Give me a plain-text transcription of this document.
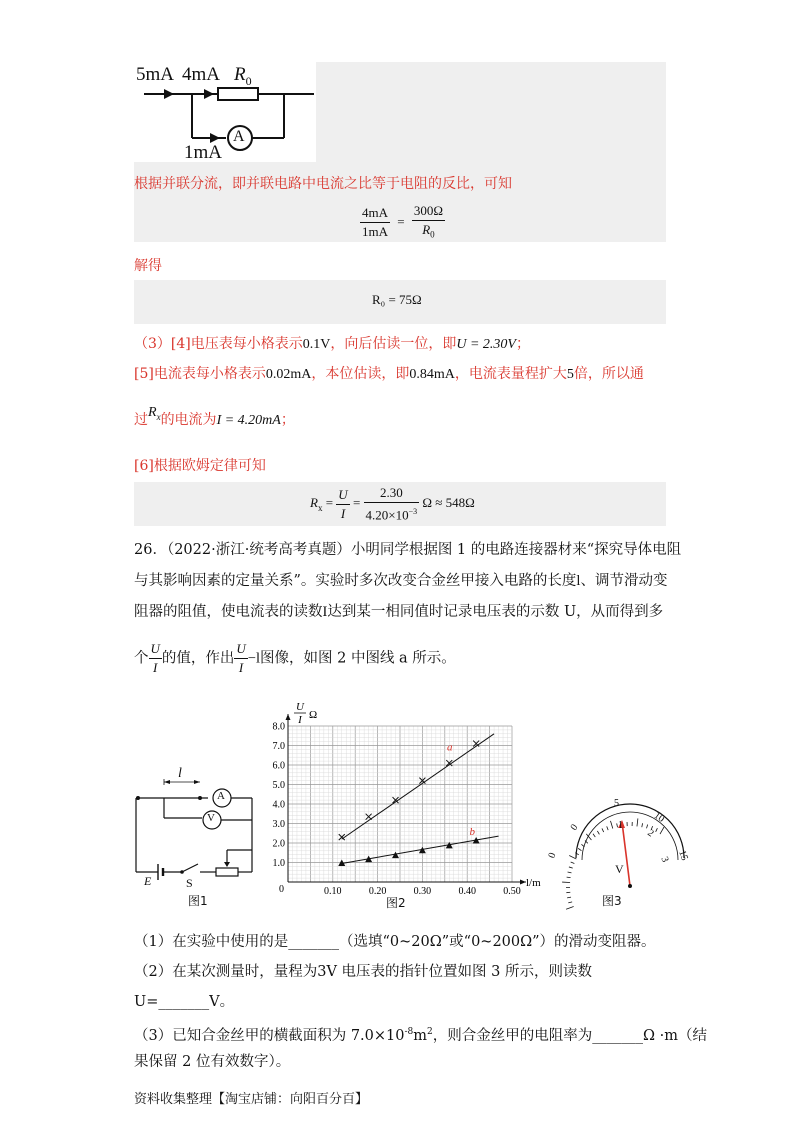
5mA 4mA $R_0$
1mA
A
根据并联分流，即并联电路中电流之比等于电阻的反比，可知
$\frac{4mA}{1mA} = \frac{300\Omega}{R_0}$
解得
R₀ = 75Ω
（3）[4]电压表每小格表示0.1V，向后估读一位，即U = 2.30V；
[5]电流表每小格表示0.02mA，本位估读，即0.84mA，电流表量程扩大5倍，所以通
过$R_x$的电流为I = 4.20mA；
[6]根据欧姆定律可知
$R_x = \frac{U}{I} = \frac{2.30}{4.20\times 10^{-3}}$ Ω ≈ 548Ω
26．（2022·浙江·统考高考真题）小明同学根据图 1 的电路连接器材来“探究导体电阻
与其影响因素的定量关系”。实验时多次改变合金丝甲接入电路的长度l、调节滑动变
阻器的阻值，使电流表的读数I达到某一相同值时记录电压表的示数 U，从而得到多
个 $\frac{U}{I}$ 的值，作出 $\frac{U}{I} -l$图像，如图 2 中图线 a 所示。
l
A
V
E	S
图1
0.10	0.20	0.30	0.40	0.50
1.0
2.0
3.0
4.0
5.0
6.0
7.0
8.0
0
U
I Ω
l/m
a
b
图2
0
5
10
15
0
1
2
3
V
图3
（1）在实验中使用的是_______（选填“0~20Ω”或“0~200Ω”）的滑动变阻器。
（2）在某次测量时，量程为3V 电压表的指针位置如图 3 所示，则读数
U=_______V。
（3）已知合金丝甲的横截面积为 $7.0\times 10^{-8}m^2$，则合金丝甲的电阻率为_______Ω ·m（结
果保留 2 位有效数字）。
资料收集整理【淘宝店铺：向阳百分百】
